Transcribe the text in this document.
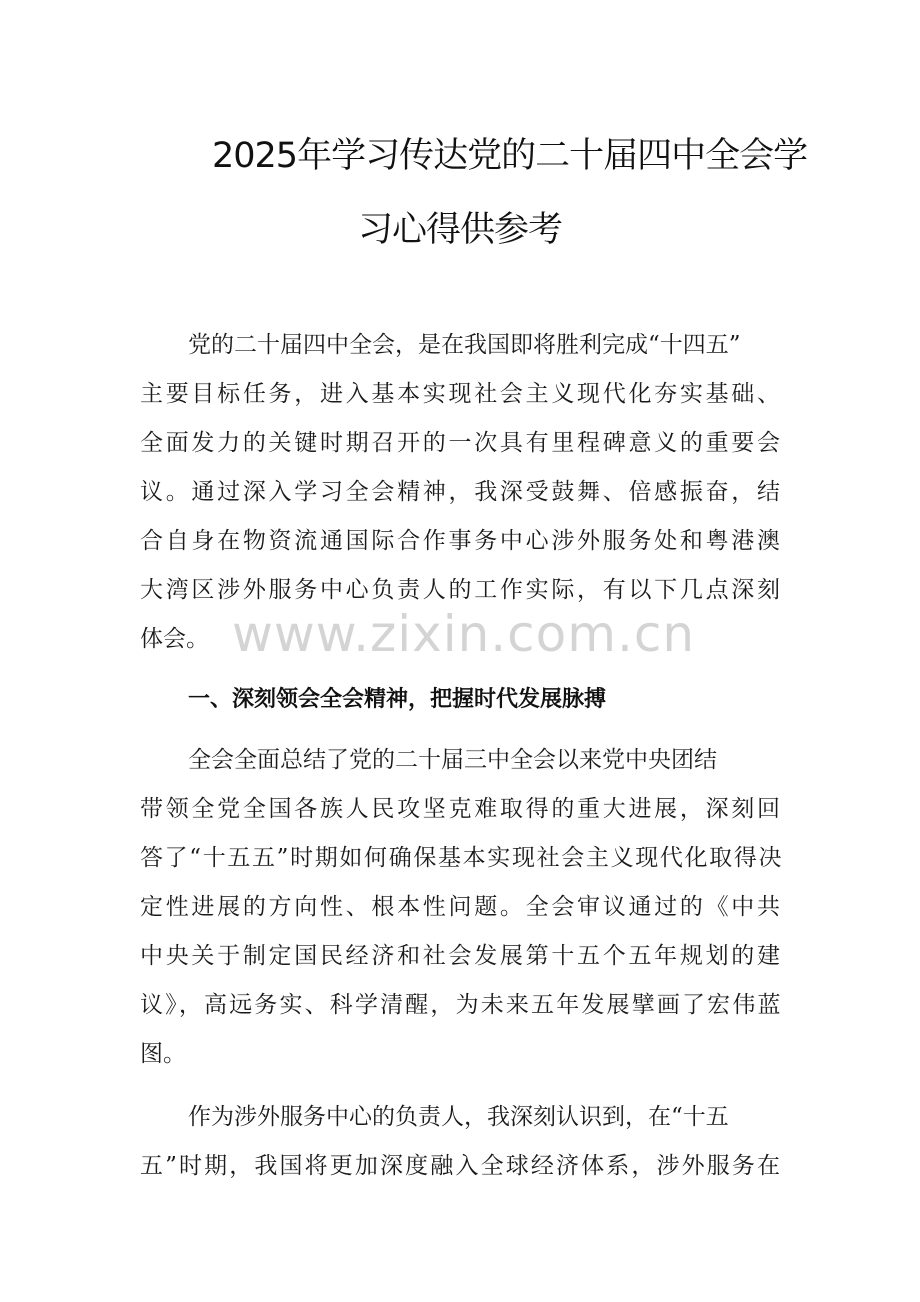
2025年学习传达党的二十届四中全会学
习心得供参考
党的二十届四中全会，是在我国即将胜利完成“十四五”
主要目标任务，进入基本实现社会主义现代化夯实基础、
全面发力的关键时期召开的一次具有里程碑意义的重要会
议。通过深入学习全会精神，我深受鼓舞、倍感振奋，结
合自身在物资流通国际合作事务中心涉外服务处和粤港澳
大湾区涉外服务中心负责人的工作实际，有以下几点深刻
体会。 www.zixin.com.cn
一、深刻领会全会精神，把握时代发展脉搏
全会全面总结了党的二十届三中全会以来党中央团结
带领全党全国各族人民攻坚克难取得的重大进展，深刻回
答了“十五五”时期如何确保基本实现社会主义现代化取得决
定性进展的方向性、根本性问题。全会审议通过的《中共
中央关于制定国民经济和社会发展第十五个五年规划的建
议》，高远务实、科学清醒，为未来五年发展擘画了宏伟蓝
图。
作为涉外服务中心的负责人，我深刻认识到，在“十五
五”时期，我国将更加深度融入全球经济体系，涉外服务在
